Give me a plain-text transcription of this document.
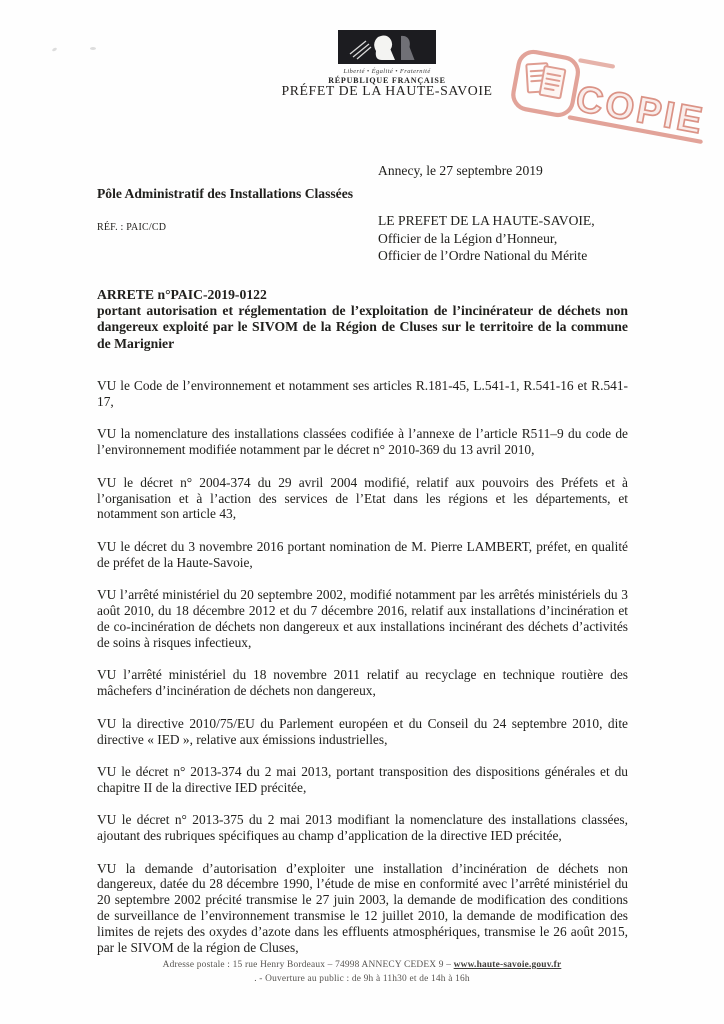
Liberté • Égalité • Fraternité
RÉPUBLIQUE FRANÇAISE
PRÉFET DE LA HAUTE-SAVOIE	COPIE
Annecy, le 27 septembre 2019
Pôle Administratif des Installations Classées
RÉF. : PAIC/CD	LE PREFET DE LA HAUTE-SAVOIE,
Officier de la Légion d’Honneur,
Officier de l’Ordre National du Mérite
ARRETE n°PAIC-2019-0122
portant autorisation et réglementation de l’exploitation de l’incinérateur de déchets non dangereux exploité par le SIVOM de la Région de Cluses sur le territoire de la commune de Marignier

VU le Code de l’environnement et notamment ses articles R.181-45, L.541-1, R.541-16 et R.541-17,

VU la nomenclature des installations classées codifiée à l’annexe de l’article R511–9 du code de l’environnement modifiée notamment par le décret n° 2010-369 du 13 avril 2010,

VU le décret n° 2004-374 du 29 avril 2004 modifié, relatif aux pouvoirs des Préfets et à l’organisation et à l’action des services de l’Etat dans les régions et les départements, et notamment son article 43,

VU le décret du 3 novembre 2016 portant nomination de M. Pierre LAMBERT, préfet, en qualité de préfet de la Haute-Savoie,

VU l’arrêté ministériel du 20 septembre 2002, modifié notamment par les arrêtés ministériels du 3 août 2010, du 18 décembre 2012 et du 7 décembre 2016, relatif aux installations d’incinération et de co-incinération de déchets non dangereux et aux installations incinérant des déchets d’activités de soins à risques infectieux,

VU l’arrêté ministériel du 18 novembre 2011 relatif au recyclage en technique routière des mâchefers d’incinération de déchets non dangereux,

VU la directive 2010/75/EU du Parlement européen et du Conseil du 24 septembre 2010, dite directive « IED », relative aux émissions industrielles,

VU le décret n° 2013-374 du 2 mai 2013, portant transposition des dispositions générales et du chapitre II de la directive IED précitée,

VU le décret n° 2013-375 du 2 mai 2013 modifiant la nomenclature des installations classées, ajoutant des rubriques spécifiques au champ d’application de la directive IED précitée,

VU la demande d’autorisation d’exploiter une installation d’incinération de déchets non dangereux, datée du 28 décembre 1990, l’étude de mise en conformité avec l’arrêté ministériel du 20 septembre 2002 précité transmise le 27 juin 2003, la demande de modification des conditions de surveillance de l’environnement transmise le 12 juillet 2010, la demande de modification des limites de rejets des oxydes d’azote dans les effluents atmosphériques, transmise le 26 août 2015, par le SIVOM de la région de Cluses,

Adresse postale : 15 rue Henry Bordeaux – 74998 ANNECY CEDEX 9 – www.haute-savoie.gouv.fr
. - Ouverture au public : de 9h à 11h30 et de 14h à 16h
